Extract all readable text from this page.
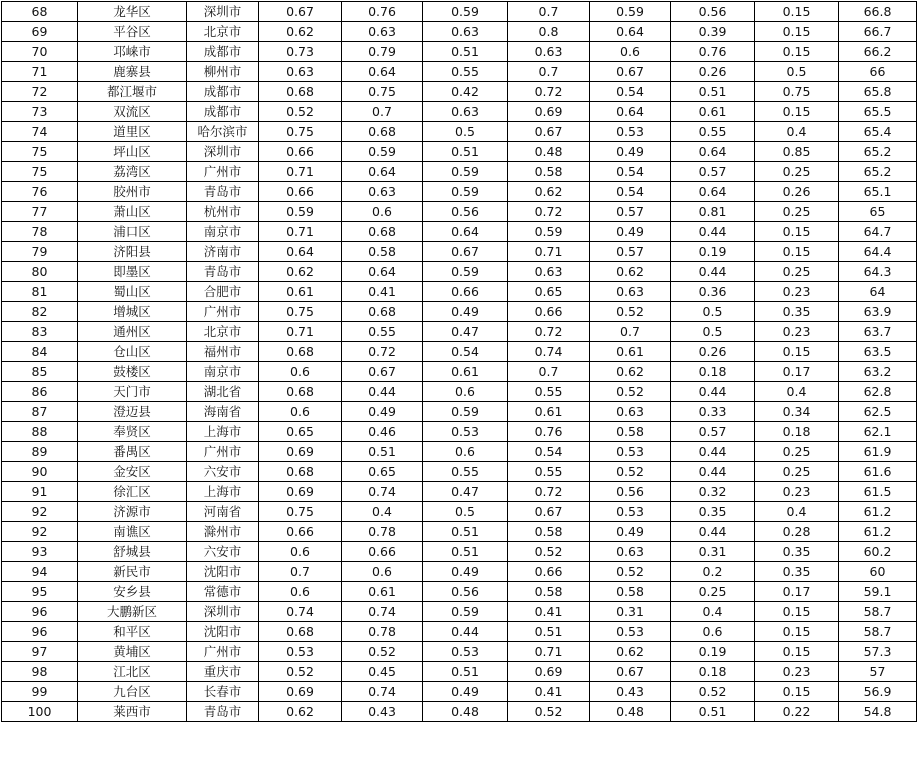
68	龙华区	深圳市	0.67	0.76	0.59	0.7	0.59	0.56	0.15	66.8
69	平谷区	北京市	0.62	0.63	0.63	0.8	0.64	0.39	0.15	66.7
70	邛崃市	成都市	0.73	0.79	0.51	0.63	0.6	0.76	0.15	66.2
71	鹿寨县	柳州市	0.63	0.64	0.55	0.7	0.67	0.26	0.5	66
72	都江堰市	成都市	0.68	0.75	0.42	0.72	0.54	0.51	0.75	65.8
73	双流区	成都市	0.52	0.7	0.63	0.69	0.64	0.61	0.15	65.5
74	道里区	哈尔滨市	0.75	0.68	0.5	0.67	0.53	0.55	0.4	65.4
75	坪山区	深圳市	0.66	0.59	0.51	0.48	0.49	0.64	0.85	65.2
75	荔湾区	广州市	0.71	0.64	0.59	0.58	0.54	0.57	0.25	65.2
76	胶州市	青岛市	0.66	0.63	0.59	0.62	0.54	0.64	0.26	65.1
77	萧山区	杭州市	0.59	0.6	0.56	0.72	0.57	0.81	0.25	65
78	浦口区	南京市	0.71	0.68	0.64	0.59	0.49	0.44	0.15	64.7
79	济阳县	济南市	0.64	0.58	0.67	0.71	0.57	0.19	0.15	64.4
80	即墨区	青岛市	0.62	0.64	0.59	0.63	0.62	0.44	0.25	64.3
81	蜀山区	合肥市	0.61	0.41	0.66	0.65	0.63	0.36	0.23	64
82	增城区	广州市	0.75	0.68	0.49	0.66	0.52	0.5	0.35	63.9
83	通州区	北京市	0.71	0.55	0.47	0.72	0.7	0.5	0.23	63.7
84	仓山区	福州市	0.68	0.72	0.54	0.74	0.61	0.26	0.15	63.5
85	鼓楼区	南京市	0.6	0.67	0.61	0.7	0.62	0.18	0.17	63.2
86	天门市	湖北省	0.68	0.44	0.6	0.55	0.52	0.44	0.4	62.8
87	澄迈县	海南省	0.6	0.49	0.59	0.61	0.63	0.33	0.34	62.5
88	奉贤区	上海市	0.65	0.46	0.53	0.76	0.58	0.57	0.18	62.1
89	番禺区	广州市	0.69	0.51	0.6	0.54	0.53	0.44	0.25	61.9
90	金安区	六安市	0.68	0.65	0.55	0.55	0.52	0.44	0.25	61.6
91	徐汇区	上海市	0.69	0.74	0.47	0.72	0.56	0.32	0.23	61.5
92	济源市	河南省	0.75	0.4	0.5	0.67	0.53	0.35	0.4	61.2
92	南谯区	滁州市	0.66	0.78	0.51	0.58	0.49	0.44	0.28	61.2
93	舒城县	六安市	0.6	0.66	0.51	0.52	0.63	0.31	0.35	60.2
94	新民市	沈阳市	0.7	0.6	0.49	0.66	0.52	0.2	0.35	60
95	安乡县	常德市	0.6	0.61	0.56	0.58	0.58	0.25	0.17	59.1
96	大鹏新区	深圳市	0.74	0.74	0.59	0.41	0.31	0.4	0.15	58.7
96	和平区	沈阳市	0.68	0.78	0.44	0.51	0.53	0.6	0.15	58.7
97	黄埔区	广州市	0.53	0.52	0.53	0.71	0.62	0.19	0.15	57.3
98	江北区	重庆市	0.52	0.45	0.51	0.69	0.67	0.18	0.23	57
99	九台区	长春市	0.69	0.74	0.49	0.41	0.43	0.52	0.15	56.9
100	莱西市	青岛市	0.62	0.43	0.48	0.52	0.48	0.51	0.22	54.8
